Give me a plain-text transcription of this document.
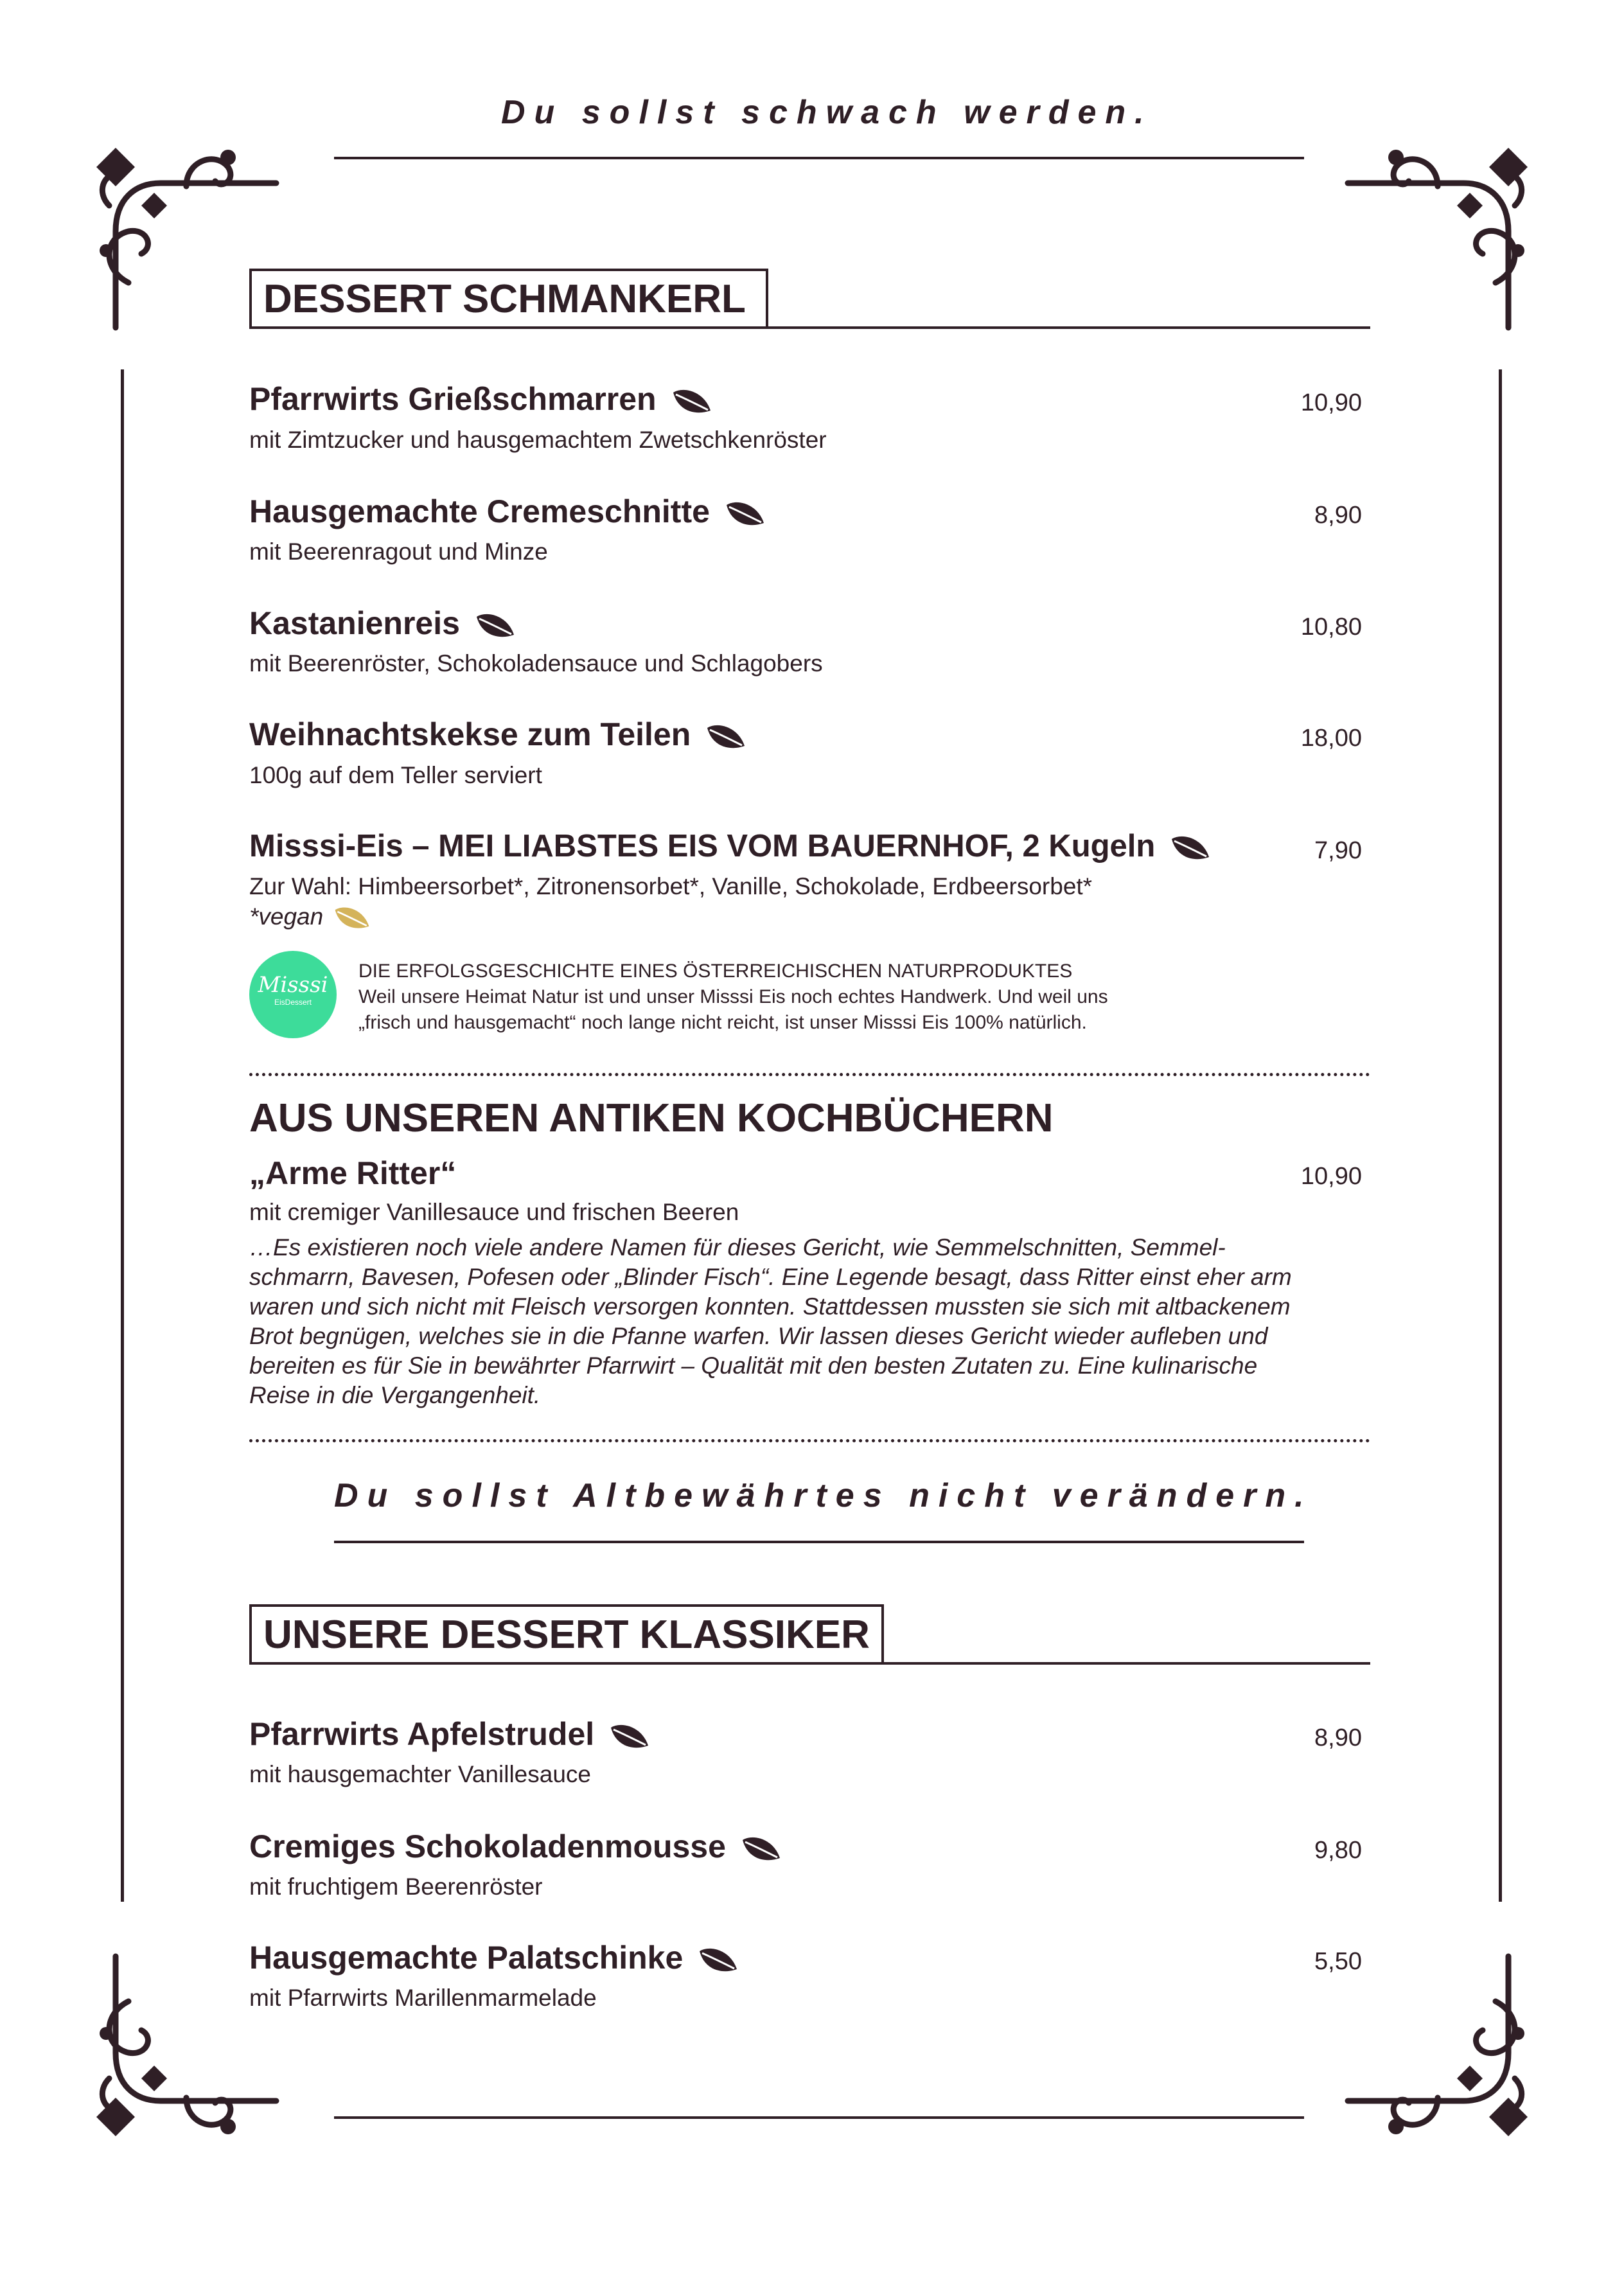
Du sollst schwach werden.
DESSERT SCHMANKERL
Pfarrwirts Grießschmarren
mit Zimtzucker und hausgemachtem Zwetschkenröster
10,90
Hausgemachte Cremeschnitte
mit Beerenragout und Minze
8,90
Kastanienreis
mit Beerenröster, Schokoladensauce und Schlagobers
10,80
Weihnachtskekse zum Teilen
100g auf dem Teller serviert
18,00
Misssi-Eis – MEI LIABSTES EIS VOM BAUERNHOF, 2 Kugeln
Zur Wahl: Himbeersorbet*, Zitronensorbet*, Vanille, Schokolade, Erdbeersorbet*
7,90
*vegan
Misssi
EisDessert
DIE ERFOLGSGESCHICHTE EINES ÖSTERREICHISCHEN NATURPRODUKTES
Weil unsere Heimat Natur ist und unser Misssi Eis noch echtes Handwerk. Und weil uns
„frisch und hausgemacht“ noch lange nicht reicht, ist unser Misssi Eis 100% natürlich.
AUS UNSEREN ANTIKEN KOCHBÜCHERN
„Arme Ritter“	10,90
mit cremiger Vanillesauce und frischen Beeren
…Es existieren noch viele andere Namen für dieses Gericht, wie Semmelschnitten, Semmel-
schmarrn, Bavesen, Pofesen oder „Blinder Fisch“. Eine Legende besagt, dass Ritter einst eher arm
waren und sich nicht mit Fleisch versorgen konnten. Stattdessen mussten sie sich mit altbackenem
Brot begnügen, welches sie in die Pfanne warfen. Wir lassen dieses Gericht wieder aufleben und
bereiten es für Sie in bewährter Pfarrwirt – Qualität mit den besten Zutaten zu. Eine kulinarische
Reise in die Vergangenheit.
Du sollst Altbewährtes nicht verändern.
UNSERE DESSERT KLASSIKER
Pfarrwirts Apfelstrudel
mit hausgemachter Vanillesauce
8,90
Cremiges Schokoladenmousse
mit fruchtigem Beerenröster
9,80
Hausgemachte Palatschinke
mit Pfarrwirts Marillenmarmelade
5,50
